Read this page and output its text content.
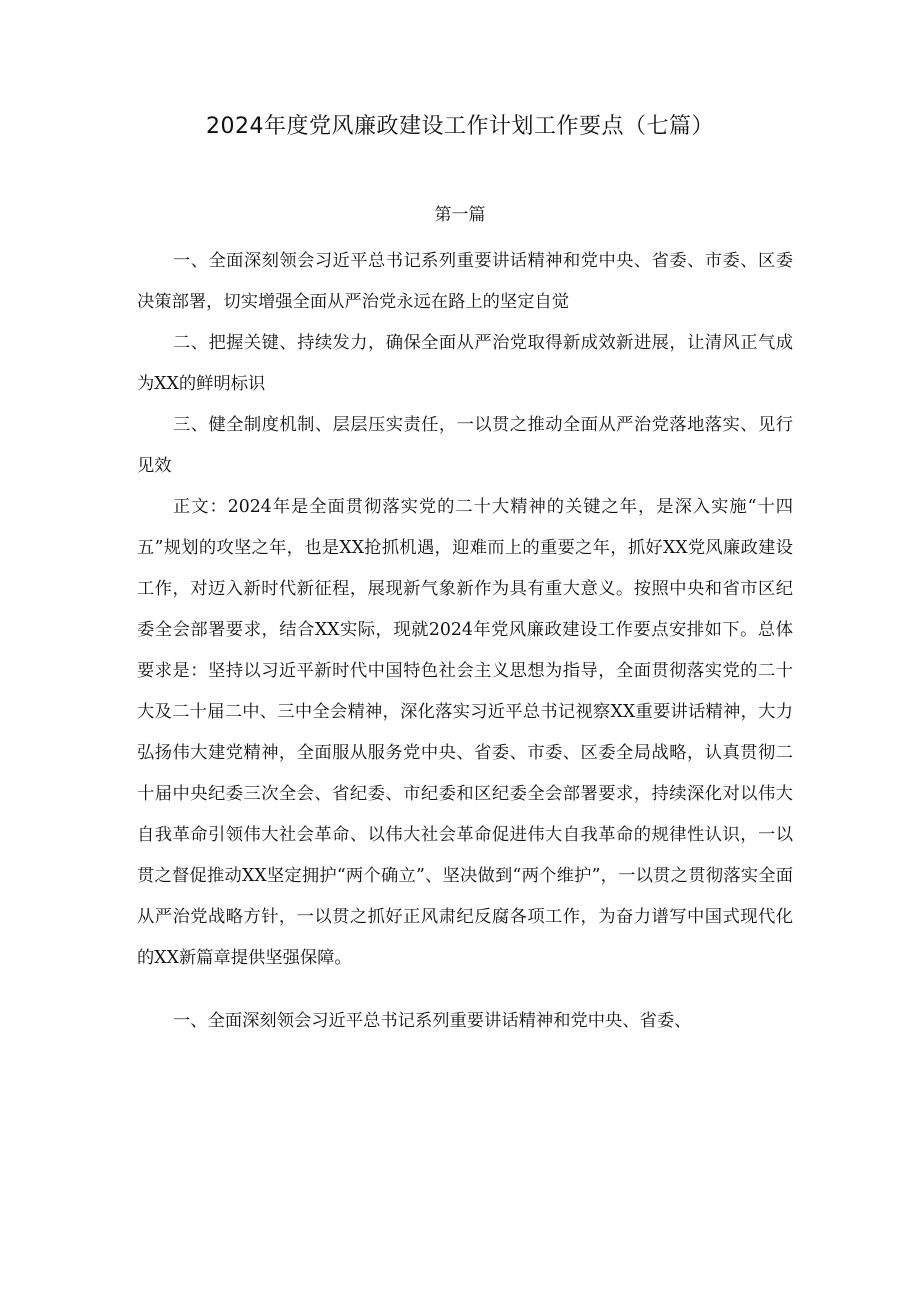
2024年度党风廉政建设工作计划工作要点（七篇）
第一篇

一、全面深刻领会习近平总书记系列重要讲话精神和党中央、省委、市委、区委决策部署，切实增强全面从严治党永远在路上的坚定自觉

二、把握关键、持续发力，确保全面从严治党取得新成效新进展，让清风正气成为XX的鲜明标识

三、健全制度机制、层层压实责任，一以贯之推动全面从严治党落地落实、见行见效

正文：2024年是全面贯彻落实党的二十大精神的关键之年，是深入实施“十四五”规划的攻坚之年，也是XX抢抓机遇，迎难而上的重要之年，抓好XX党风廉政建设工作，对迈入新时代新征程，展现新气象新作为具有重大意义。按照中央和省市区纪委全会部署要求，结合XX实际，现就2024年党风廉政建设工作要点安排如下。总体要求是：坚持以习近平新时代中国特色社会主义思想为指导，全面贯彻落实党的二十大及二十届二中、三中全会精神，深化落实习近平总书记视察XX重要讲话精神，大力弘扬伟大建党精神，全面服从服务党中央、省委、市委、区委全局战略，认真贯彻二十届中央纪委三次全会、省纪委、市纪委和区纪委全会部署要求，持续深化对以伟大自我革命引领伟大社会革命、以伟大社会革命促进伟大自我革命的规律性认识，一以贯之督促推动XX坚定拥护“两个确立”、坚决做到“两个维护”，一以贯之贯彻落实全面从严治党战略方针，一以贯之抓好正风肃纪反腐各项工作，为奋力谱写中国式现代化的XX新篇章提供坚强保障。

一、全面深刻领会习近平总书记系列重要讲话精神和党中央、省委、
